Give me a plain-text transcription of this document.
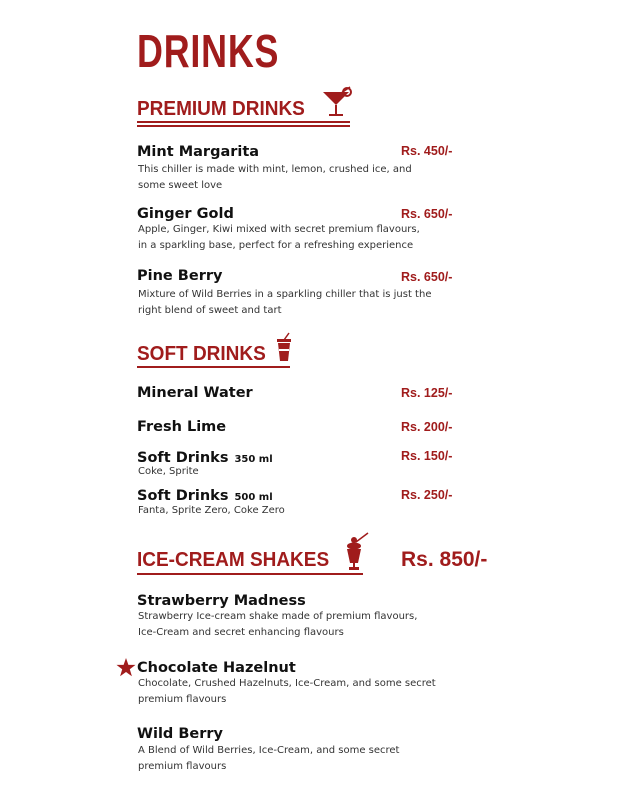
DRINKS
PREMIUM DRINKS
Mint Margarita	Rs. 450/-
This chiller is made with mint, lemon, crushed ice, and some sweet love
Ginger Gold	Rs. 650/-
Apple, Ginger, Kiwi mixed with secret premium flavours, in a sparkling base, perfect for a refreshing experience
Pine Berry	Rs. 650/-
Mixture of Wild Berries in a sparkling chiller that is just the right blend of sweet and tart
SOFT DRINKS
Mineral Water	Rs. 125/-
Fresh Lime	Rs. 200/-
Soft Drinks 350 ml	Rs. 150/-
Coke, Sprite
Soft Drinks 500 ml	Rs. 250/-
Fanta, Sprite Zero, Coke Zero
ICE-CREAM SHAKES	Rs. 850/-
Strawberry Madness
Strawberry Ice-cream shake made of premium flavours, Ice-Cream and secret enhancing flavours
Chocolate Hazelnut
Chocolate, Crushed Hazelnuts, Ice-Cream, and some secret premium flavours
Wild Berry
A Blend of Wild Berries, Ice-Cream, and some secret premium flavours
